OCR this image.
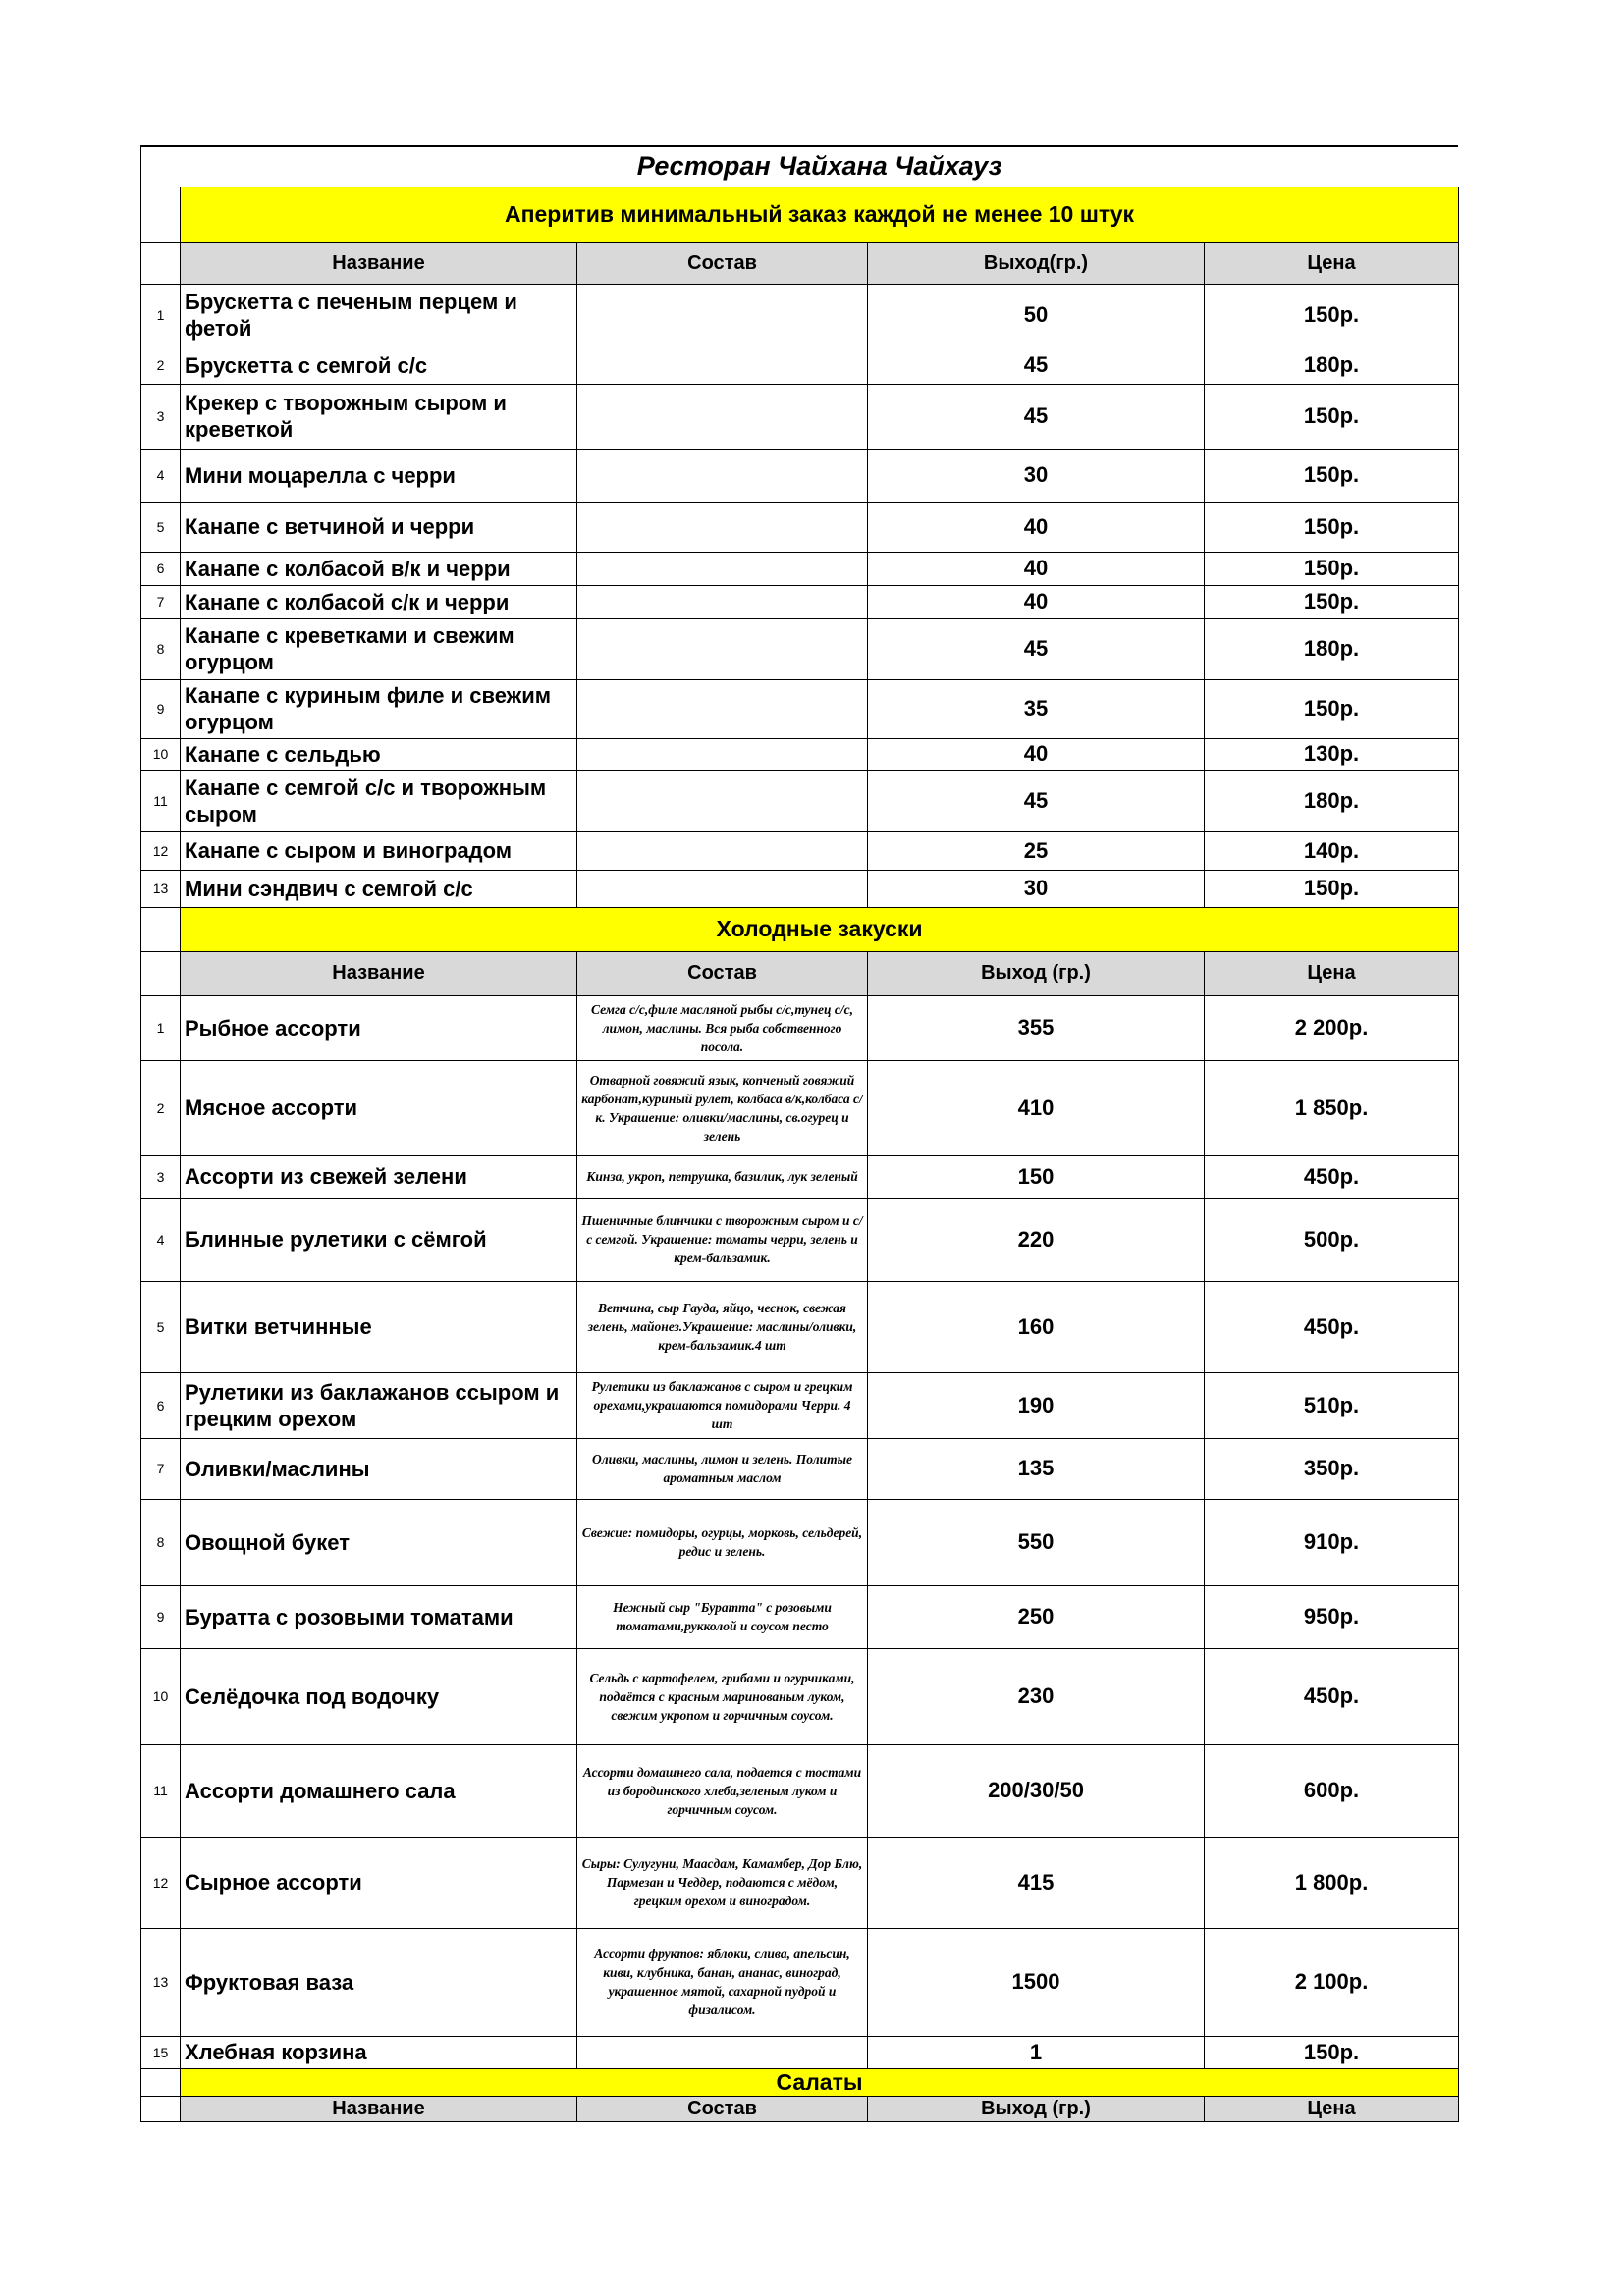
	Ресторан Чайхана Чайхауз			
	Аперитив минимальный заказ каждой не менее 10 штук			
	Название	Состав	Выход(гр.)	Цена
1	Брускетта с печеным перцем и фетой		50	150р.
2	Брускетта с семгой с/с		45	180р.
3	Крекер с творожным сыром и креветкой		45	150р.
4	Мини моцарелла с черри		30	150р.
5	Канапе с ветчиной и черри		40	150р.
6	Канапе с колбасой в/к и черри		40	150р.
7	Канапе с колбасой с/к и черри		40	150р.
8	Канапе с креветками и свежим огурцом		45	180р.
9	Канапе с куриным филе и свежим огурцом		35	150р.
10	Канапе с сельдью		40	130р.
11	Канапе с семгой с/с и творожным сыром		45	180р.
12	Канапе с сыром и виноградом		25	140р.
13	Мини сэндвич с семгой с/с		30	150р.
	Холодные закуски			
	Название	Состав	Выход (гр.)	Цена
1	Рыбное ассорти	Семга с/с,филе масляной рыбы с/с,тунец с/с, лимон, маслины. Вся рыба собственного посола.	355	2 200р.
2	Мясное ассорти	Отварной говяжий язык, копченый говяжий карбонат,куриный рулет, колбаса в/к,колбаса с/к. Украшение: оливки/маслины, св.огурец и зелень	410	1 850р.
3	Ассорти из свежей зелени	Кинза, укроп, петрушка, базилик, лук зеленый	150	450р.
4	Блинные рулетики с сёмгой	Пшеничные блинчики с творожным сыром и с/с семгой. Украшение: томаты черри, зелень и крем-бальзамик.	220	500р.
5	Витки ветчинные	Ветчина, сыр Гауда, яйцо, чеснок, свежая зелень, майонез.Украшение: маслины/оливки, крем-бальзамик.4 шт	160	450р.
6	Рулетики из баклажанов ссыром и грецким орехом	Рулетики из баклажанов с сыром и грецким орехами,украшаются помидорами Черри. 4 шт	190	510р.
7	Оливки/маслины	Оливки, маслины, лимон и зелень. Политые ароматным маслом	135	350р.
8	Овощной букет	Свежие: помидоры, огурцы, морковь, сельдерей, редис и зелень.	550	910р.
9	Буратта с розовыми томатами	Нежный сыр "Буратта" с розовыми томатами,рукколой и соусом песто	250	950р.
10	Селёдочка под водочку	Сельдь с картофелем, грибами и огурчиками, подаётся с красным маринованым луком, свежим укропом и горчичным соусом.	230	450р.
11	Ассорти домашнего сала	Ассорти домашнего сала, подается с тостами из бородинского хлеба,зеленым луком и горчичным соусом.	200/30/50	600р.
12	Сырное ассорти	Сыры: Сулугуни, Маасдам, Камамбер, Дор Блю, Пармезан и Чеддер, подаются с мёдом, грецким орехом и виноградом.	415	1 800р.
13	Фруктовая ваза	Ассорти фруктов: яблоки, слива, апельсин, киви, клубника, банан, ананас, виноград, украшенное мятой, сахарной пудрой и физалисом.	1500	2 100р.
15	Хлебная корзина		1	150р.
	Салаты			
	Название	Состав	Выход (гр.)	Цена
